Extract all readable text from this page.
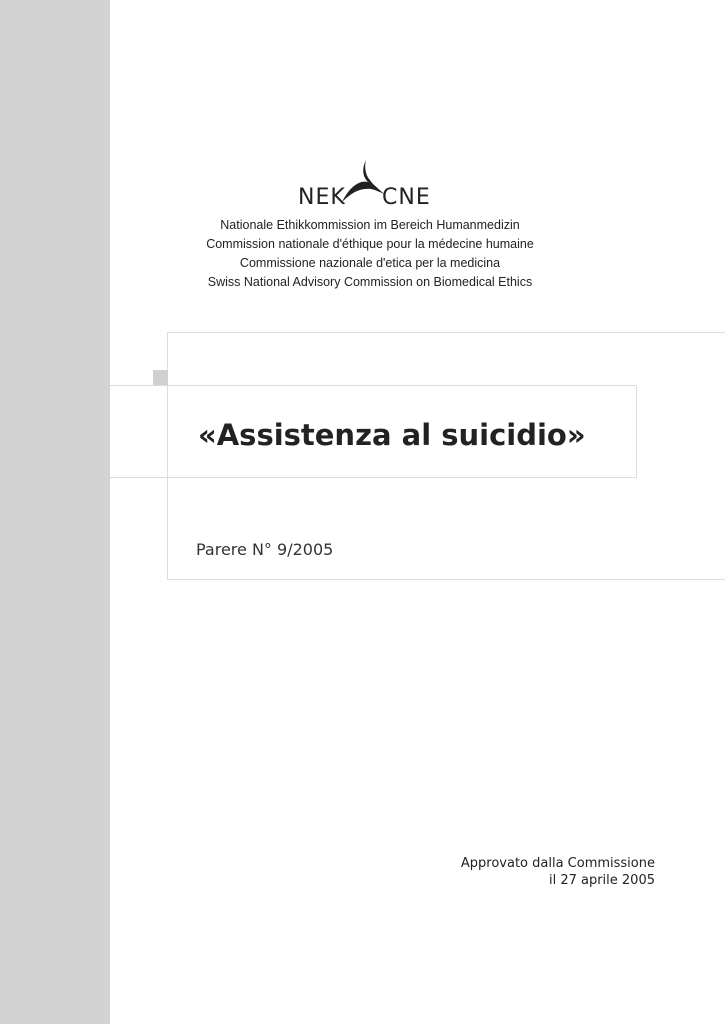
NEK CNE
Nationale Ethikkommission im Bereich Humanmedizin
Commission nationale d'éthique pour la médecine humaine
Commissione nazionale d'etica per la medicina
Swiss National Advisory Commission on Biomedical Ethics
«Assistenza al suicidio»
Parere N° 9/2005
Approvato dalla Commissione
il 27 aprile 2005
